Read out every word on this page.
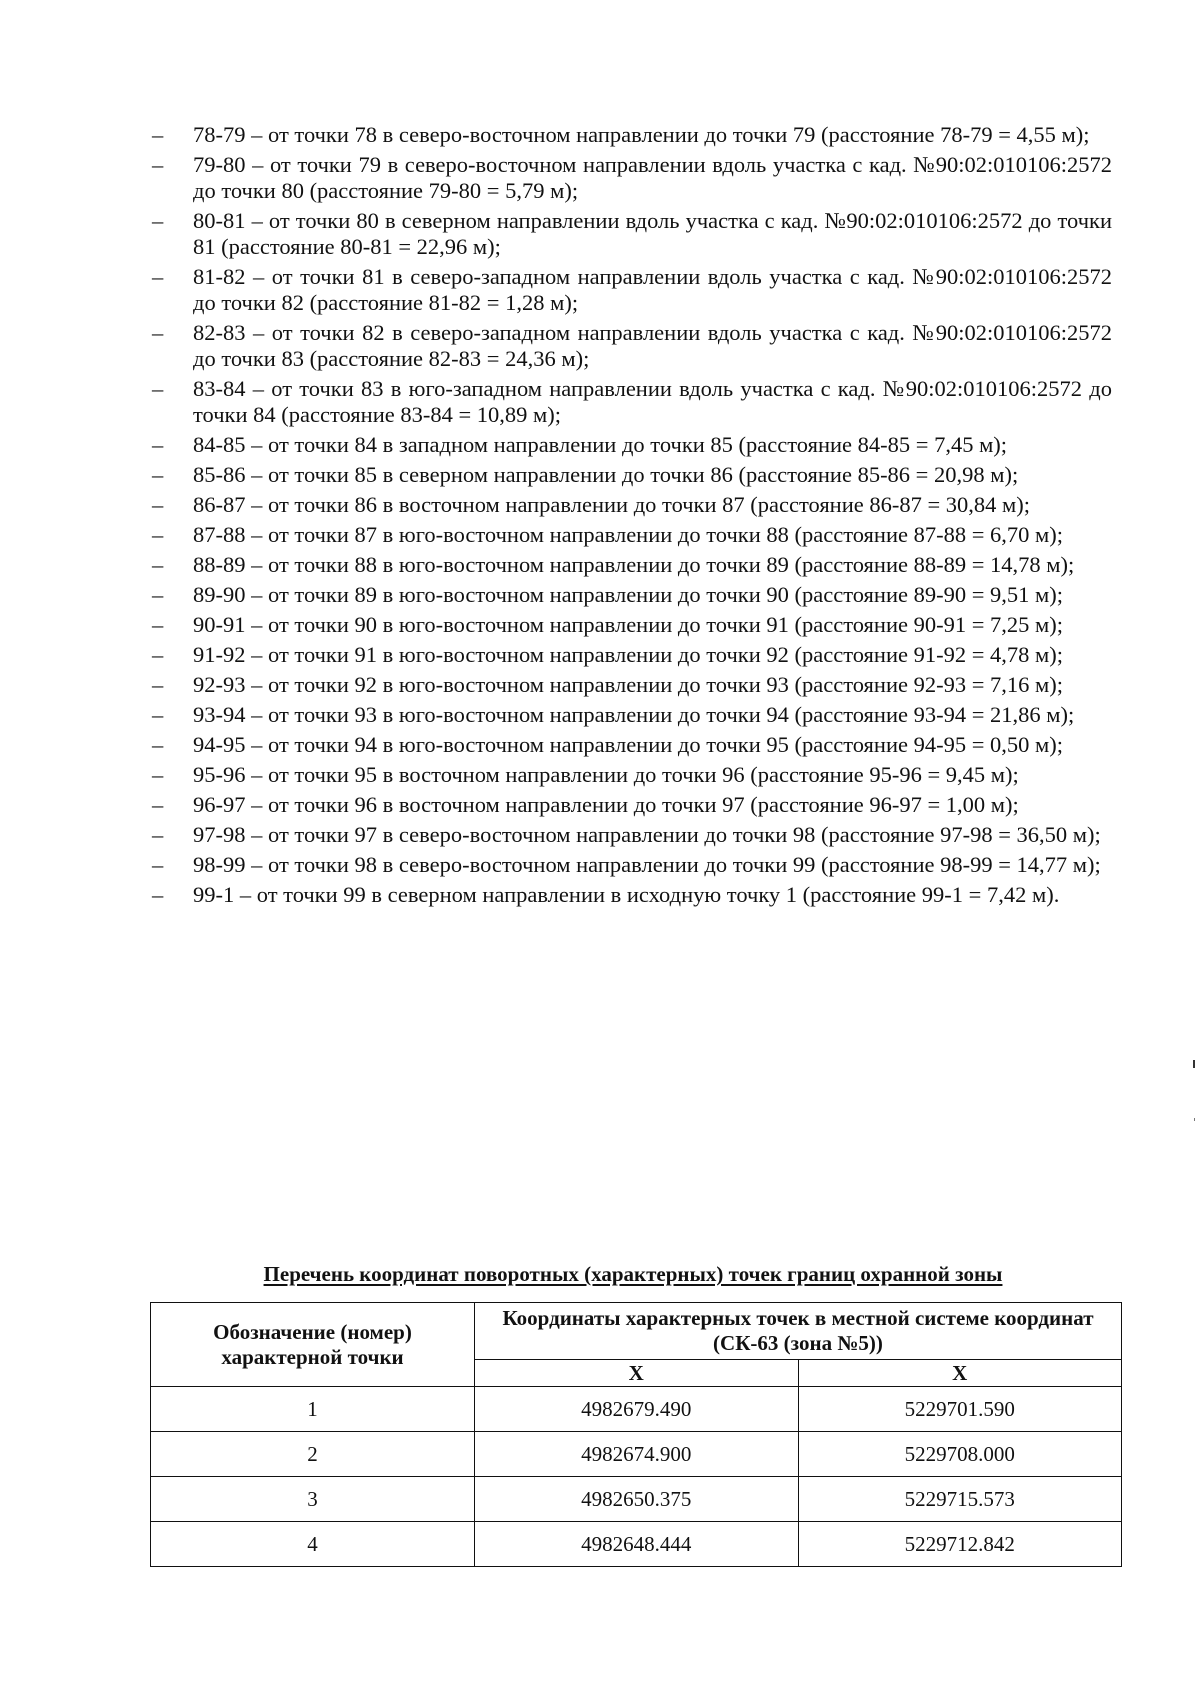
–	78-79 – от точки 78 в северо-восточном направлении до точки 79 (расстояние 78-79 = 4,55 м);
–	79-80 – от точки 79 в северо-восточном направлении вдоль участка с кад. №90:02:010106:2572 до точки 80 (расстояние 79-80 = 5,79 м);
–	80-81 – от точки 80 в северном направлении вдоль участка с кад. №90:02:010106:2572 до точки 81 (расстояние 80-81 = 22,96 м);
–	81-82 – от точки 81 в северо-западном направлении вдоль участка с кад. №90:02:010106:2572 до точки 82 (расстояние 81-82 = 1,28 м);
–	82-83 – от точки 82 в северо-западном направлении вдоль участка с кад. №90:02:010106:2572 до точки 83 (расстояние 82-83 = 24,36 м);
–	83-84 – от точки 83 в юго-западном направлении вдоль участка с кад. №90:02:010106:2572 до точки 84 (расстояние 83-84 = 10,89 м);
–	84-85 – от точки 84 в западном направлении до точки 85 (расстояние 84-85 = 7,45 м);
–	85-86 – от точки 85 в северном направлении до точки 86 (расстояние 85-86 = 20,98 м);
–	86-87 – от точки 86 в восточном направлении до точки 87 (расстояние 86-87 = 30,84 м);
–	87-88 – от точки 87 в юго-восточном направлении до точки 88 (расстояние 87-88 = 6,70 м);
–	88-89 – от точки 88 в юго-восточном направлении до точки 89 (расстояние 88-89 = 14,78 м);
–	89-90 – от точки 89 в юго-восточном направлении до точки 90 (расстояние 89-90 = 9,51 м);
–	90-91 – от точки 90 в юго-восточном направлении до точки 91 (расстояние 90-91 = 7,25 м);
–	91-92 – от точки 91 в юго-восточном направлении до точки 92 (расстояние 91-92 = 4,78 м);
–	92-93 – от точки 92 в юго-восточном направлении до точки 93 (расстояние 92-93 = 7,16 м);
–	93-94 – от точки 93 в юго-восточном направлении до точки 94 (расстояние 93-94 = 21,86 м);
–	94-95 – от точки 94 в юго-восточном направлении до точки 95 (расстояние 94-95 = 0,50 м);
–	95-96 – от точки 95 в восточном направлении до точки 96 (расстояние 95-96 = 9,45 м);
–	96-97 – от точки 96 в восточном направлении до точки 97 (расстояние 96-97 = 1,00 м);
–	97-98 – от точки 97 в северо-восточном направлении до точки 98 (расстояние 97-98 = 36,50 м);
–	98-99 – от точки 98 в северо-восточном направлении до точки 99 (расстояние 98-99 = 14,77 м);
–	99-1 – от точки 99 в северном направлении в исходную точку 1 (расстояние 99-1 = 7,42 м).

Перечень координат поворотных (характерных) точек границ охранной зоны

Обозначение (номер) характерной точки	Координаты характерных точек в местной системе координат (СК-63 (зона №5))	
	X	X
1	4982679.490	5229701.590
2	4982674.900	5229708.000
3	4982650.375	5229715.573
4	4982648.444	5229712.842
